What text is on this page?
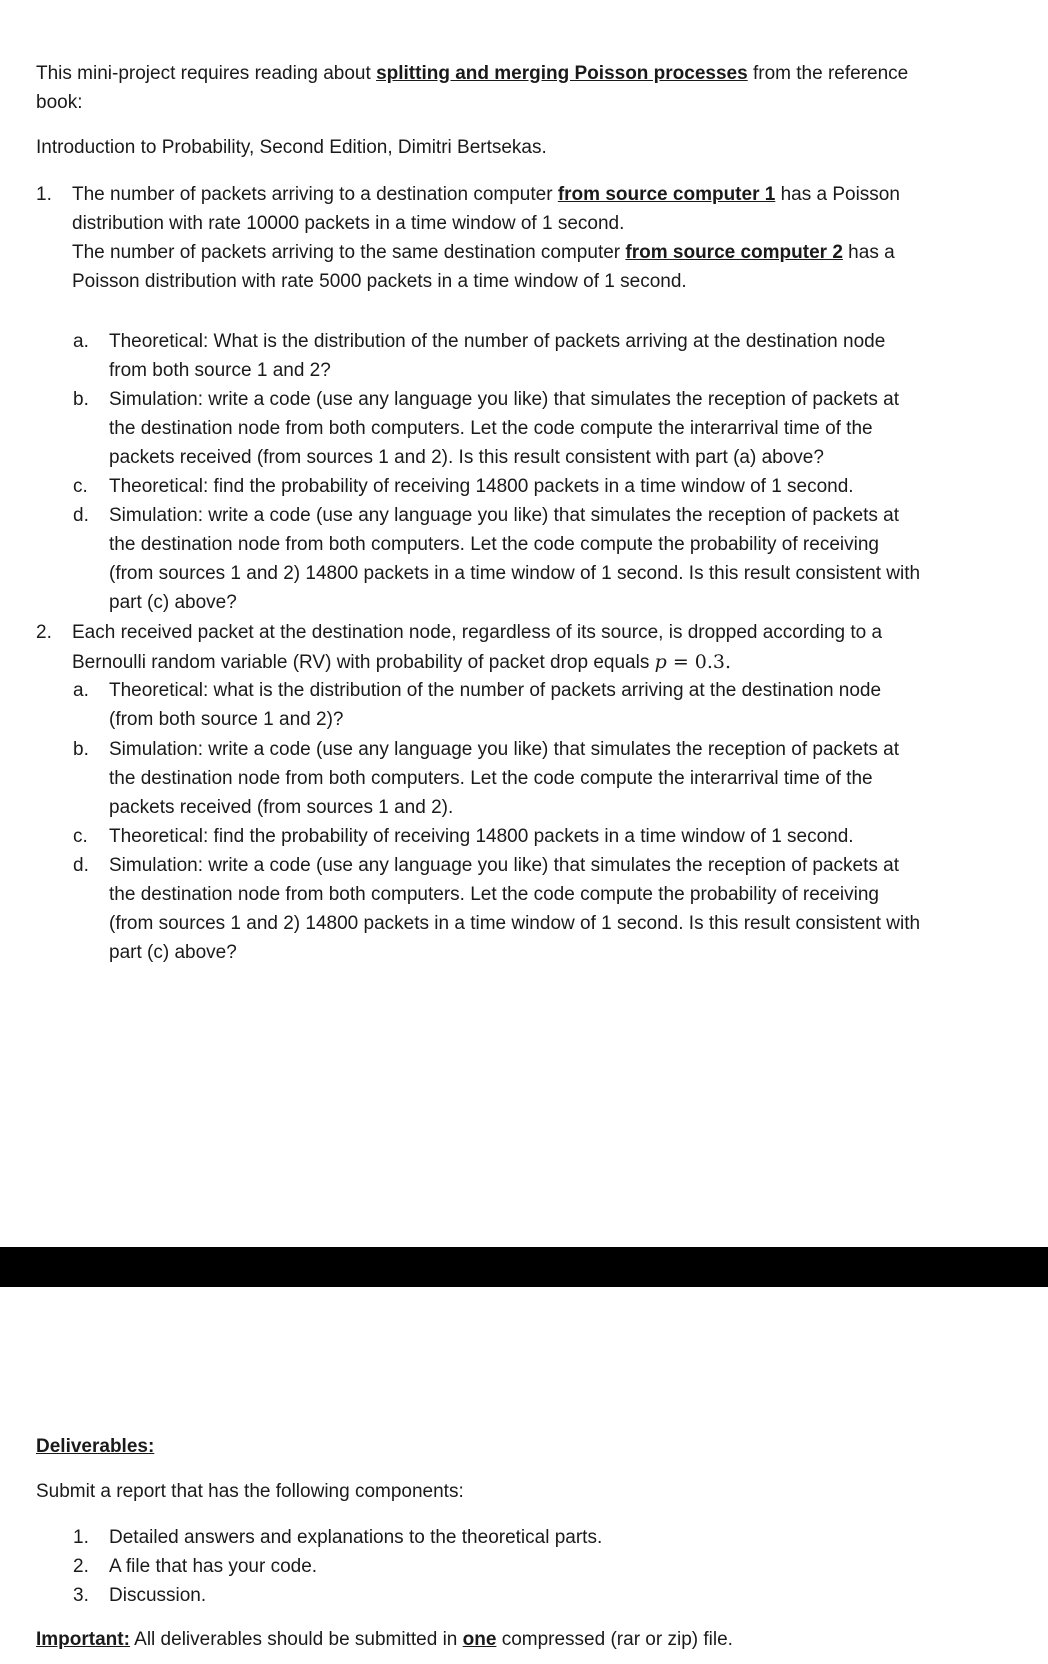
This mini-project requires reading about splitting and merging Poisson processes from the reference
book:
Introduction to Probability, Second Edition, Dimitri Bertsekas.
1. The number of packets arriving to a destination computer from source computer 1 has a Poisson
distribution with rate 10000 packets in a time window of 1 second.
The number of packets arriving to the same destination computer from source computer 2 has a
Poisson distribution with rate 5000 packets in a time window of 1 second.
a. Theoretical: What is the distribution of the number of packets arriving at the destination node
from both source 1 and 2?
b. Simulation: write a code (use any language you like) that simulates the reception of packets at
the destination node from both computers. Let the code compute the interarrival time of the
packets received (from sources 1 and 2). Is this result consistent with part (a) above?
c. Theoretical: find the probability of receiving 14800 packets in a time window of 1 second.
d. Simulation: write a code (use any language you like) that simulates the reception of packets at
the destination node from both computers. Let the code compute the probability of receiving
(from sources 1 and 2) 14800 packets in a time window of 1 second. Is this result consistent with
part (c) above?
2. Each received packet at the destination node, regardless of its source, is dropped according to a
Bernoulli random variable (RV) with probability of packet drop equals p = 0.3.
a. Theoretical: what is the distribution of the number of packets arriving at the destination node
(from both source 1 and 2)?
b. Simulation: write a code (use any language you like) that simulates the reception of packets at
the destination node from both computers. Let the code compute the interarrival time of the
packets received (from sources 1 and 2).
c. Theoretical: find the probability of receiving 14800 packets in a time window of 1 second.
d. Simulation: write a code (use any language you like) that simulates the reception of packets at
the destination node from both computers. Let the code compute the probability of receiving
(from sources 1 and 2) 14800 packets in a time window of 1 second. Is this result consistent with
part (c) above?
Deliverables:
Submit a report that has the following components:
1. Detailed answers and explanations to the theoretical parts.
2. A file that has your code.
3. Discussion.
Important: All deliverables should be submitted in one compressed (rar or zip) file.
